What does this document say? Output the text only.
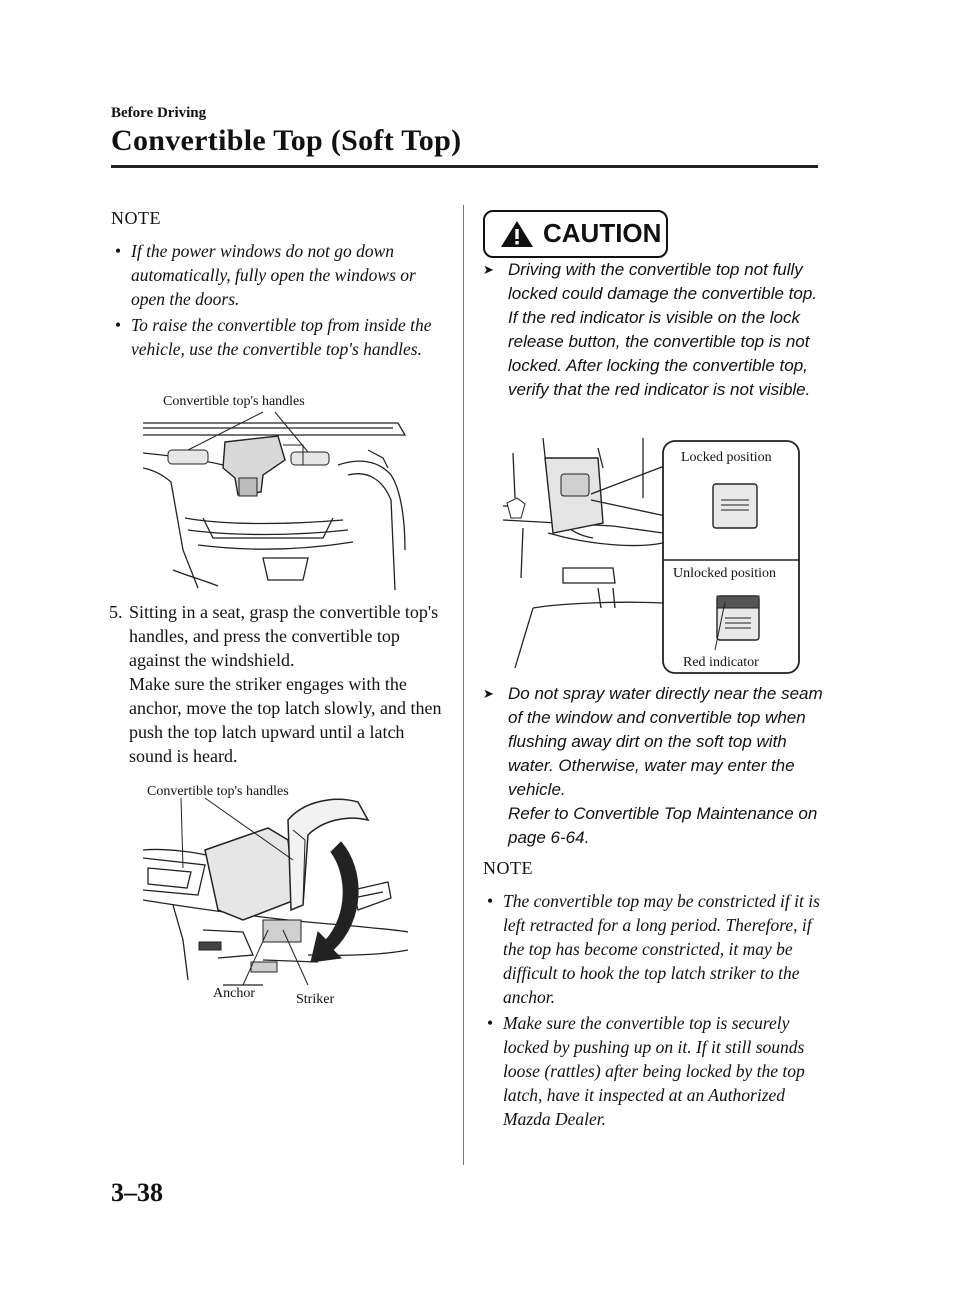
Before Driving
Convertible Top (Soft Top)
NOTE
• If the power windows do not go down automatically, fully open the windows or open the doors.
• To raise the convertible top from inside the vehicle, use the convertible top's handles.
Convertible top's handles
5. Sitting in a seat, grasp the convertible top's handles, and press the convertible top against the windshield.
Make sure the striker engages with the anchor, move the top latch slowly, and then push the top latch upward until a latch sound is heard.
Convertible top's handles
Anchor	Striker
CAUTION
➤ Driving with the convertible top not fully locked could damage the convertible top.
If the red indicator is visible on the lock release button, the convertible top is not locked. After locking the convertible top, verify that the red indicator is not visible.
Locked position
Unlocked position
Red indicator
➤ Do not spray water directly near the seam of the window and convertible top when flushing away dirt on the soft top with water. Otherwise, water may enter the vehicle.
Refer to Convertible Top Maintenance on page 6-64.
NOTE
• The convertible top may be constricted if it is left retracted for a long period. Therefore, if the top has become constricted, it may be difficult to hook the top latch striker to the anchor.
• Make sure the convertible top is securely locked by pushing up on it. If it still sounds loose (rattles) after being locked by the top latch, have it inspected at an Authorized Mazda Dealer.
3–38
